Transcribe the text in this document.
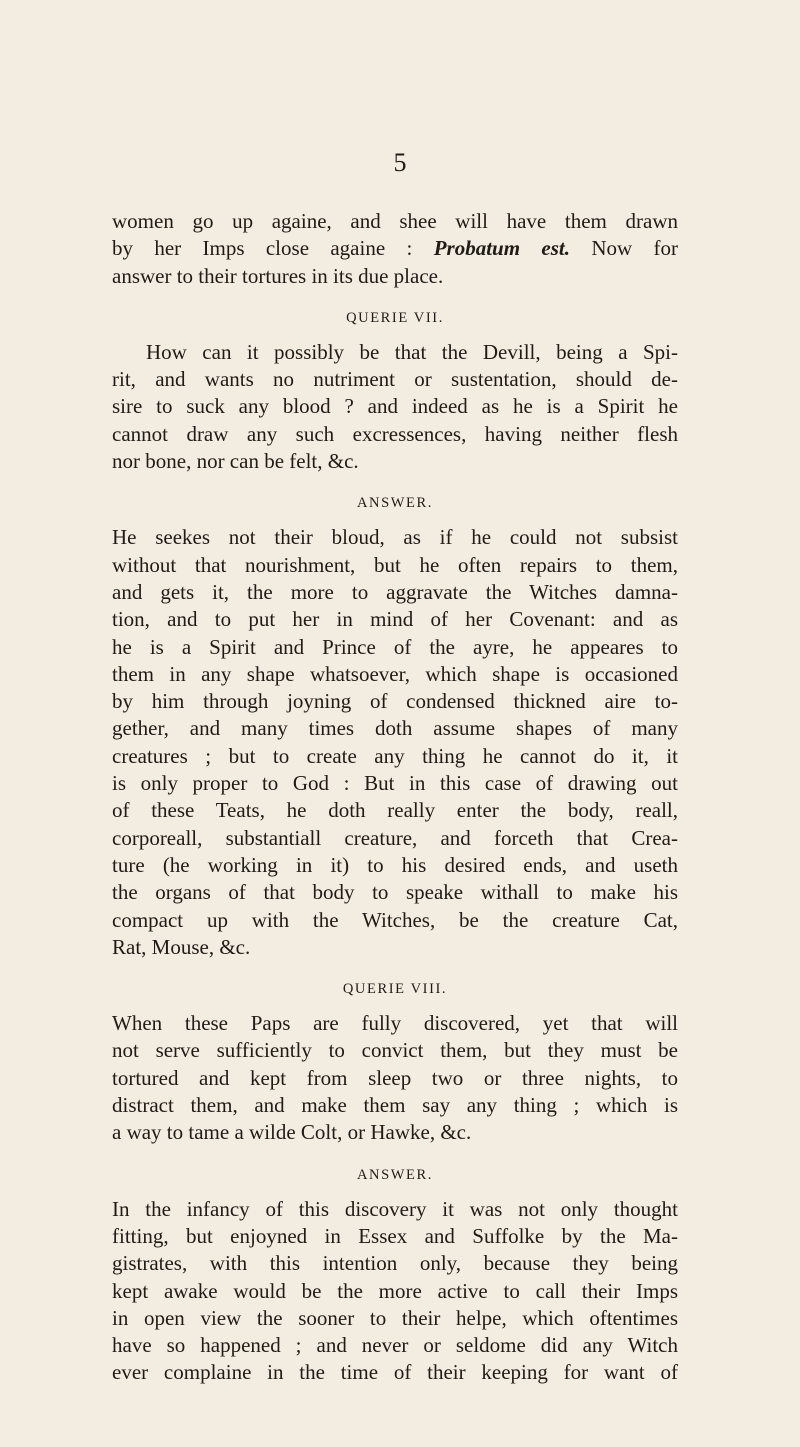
5
women go up againe, and shee will have them drawn
by her Imps close againe : Probatum est. Now for
answer to their tortures in its due place.
QUERIE VII.
How can it possibly be that the Devill, being a Spi-
rit, and wants no nutriment or sustentation, should de-
sire to suck any blood ? and indeed as he is a Spirit he
cannot draw any such excressences, having neither flesh
nor bone, nor can be felt, &c.
ANSWER.
He seekes not their bloud, as if he could not subsist
without that nourishment, but he often repairs to them,
and gets it, the more to aggravate the Witches damna-
tion, and to put her in mind of her Covenant: and as
he is a Spirit and Prince of the ayre, he appeares to
them in any shape whatsoever, which shape is occasioned
by him through joyning of condensed thickned aire to-
gether, and many times doth assume shapes of many
creatures ; but to create any thing he cannot do it, it
is only proper to God : But in this case of drawing out
of these Teats, he doth really enter the body, reall,
corporeall, substantiall creature, and forceth that Crea-
ture (he working in it) to his desired ends, and useth
the organs of that body to speake withall to make his
compact up with the Witches, be the creature Cat,
Rat, Mouse, &c.
QUERIE VIII.
When these Paps are fully discovered, yet that will
not serve sufficiently to convict them, but they must be
tortured and kept from sleep two or three nights, to
distract them, and make them say any thing ; which is
a way to tame a wilde Colt, or Hawke, &c.
ANSWER.
In the infancy of this discovery it was not only thought
fitting, but enjoyned in Essex and Suffolke by the Ma-
gistrates, with this intention only, because they being
kept awake would be the more active to call their Imps
in open view the sooner to their helpe, which oftentimes
have so happened ; and never or seldome did any Witch
ever complaine in the time of their keeping for want of
